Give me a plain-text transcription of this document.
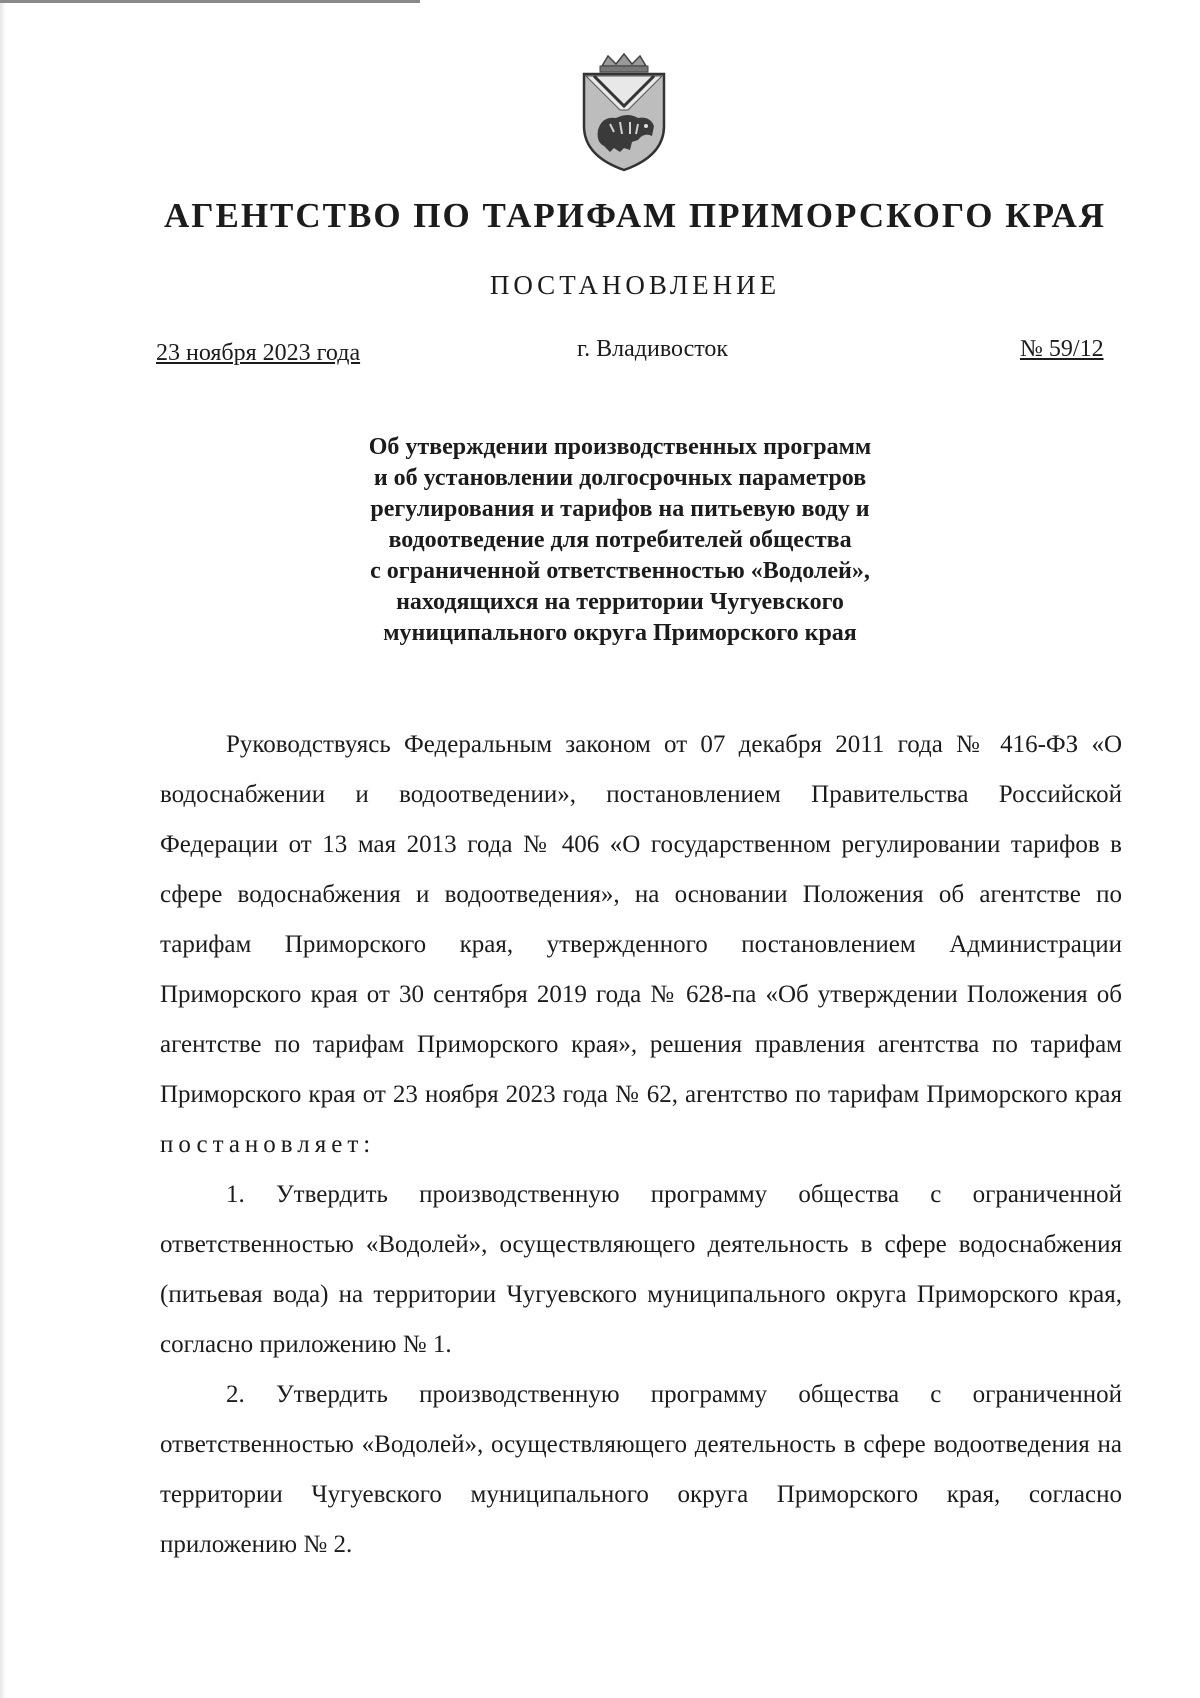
АГЕНТСТВО ПО ТАРИФАМ ПРИМОРСКОГО КРАЯ
ПОСТАНОВЛЕНИЕ
23 ноября 2023 года	г. Владивосток	№ 59/12
Об утверждении производственных программ
и об установлении долгосрочных параметров
регулирования и тарифов на питьевую воду и
водоотведение для потребителей общества
с ограниченной ответственностью «Водолей»,
находящихся на территории Чугуевского
муниципального округа Приморского края

Руководствуясь Федеральным законом от 07 декабря 2011 года № 416-ФЗ «О водоснабжении и водоотведении», постановлением Правительства Российской Федерации от 13 мая 2013 года № 406 «О государственном регулировании тарифов в сфере водоснабжения и водоотведения», на основании Положения об агентстве по тарифам Приморского края, утвержденного постановлением Администрации Приморского края от 30 сентября 2019 года № 628-па «Об утверждении Положения об агентстве по тарифам Приморского края», решения правления агентства по тарифам Приморского края от 23 ноября 2023 года № 62, агентство по тарифам Приморского края постановляет:

1. Утвердить производственную программу общества с ограниченной ответственностью «Водолей», осуществляющего деятельность в сфере водоснабжения (питьевая вода) на территории Чугуевского муниципального округа Приморского края, согласно приложению № 1.

2. Утвердить производственную программу общества с ограниченной ответственностью «Водолей», осуществляющего деятельность в сфере водоотведения на территории Чугуевского муниципального округа Приморского края, согласно приложению № 2.
